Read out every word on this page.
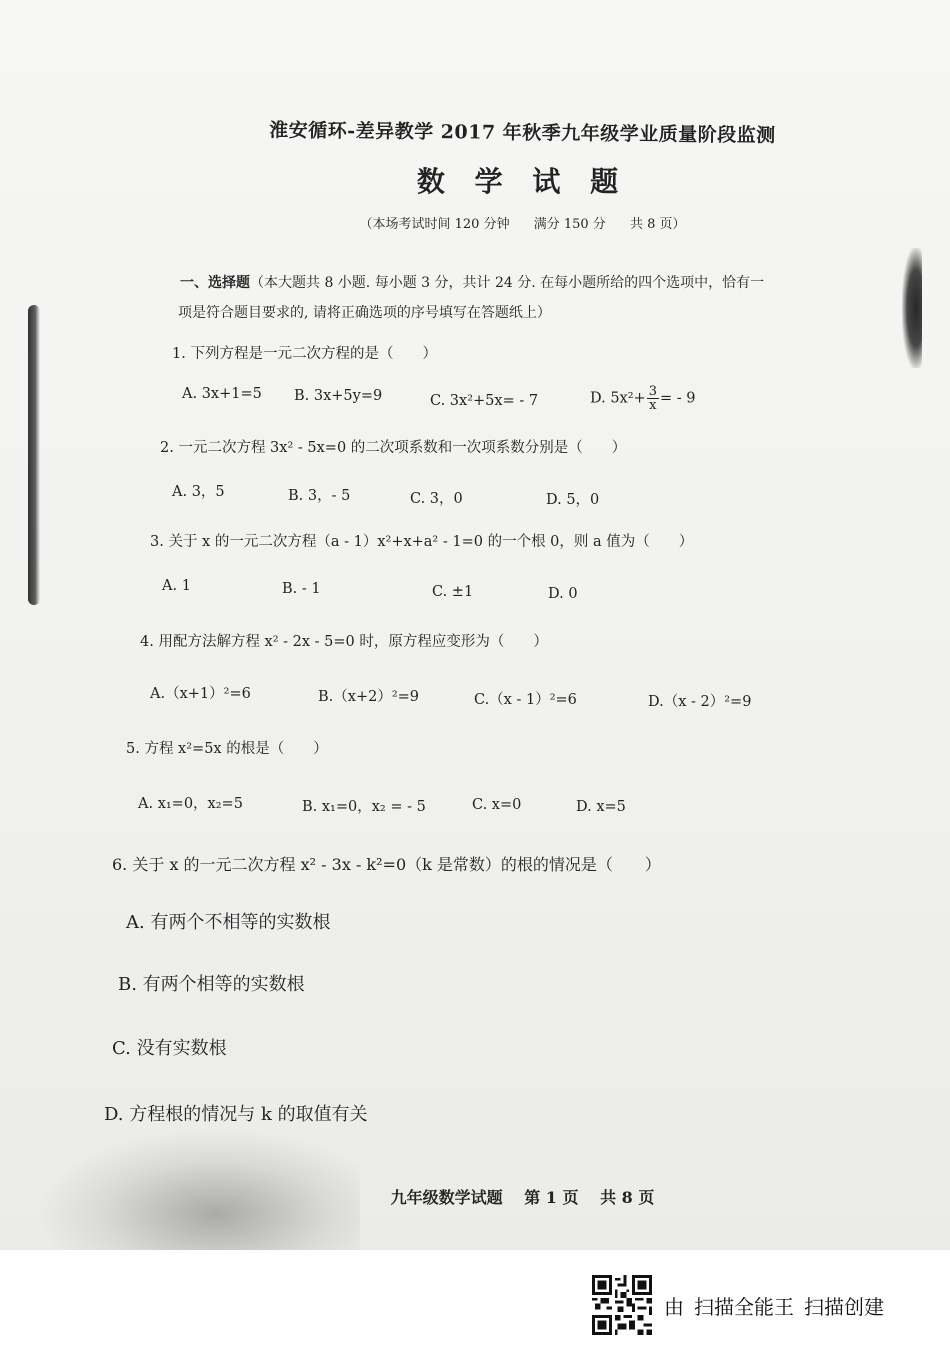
淮安循环-差异教学 2017 年秋季九年级学业质量阶段监测
数 学 试 题
（本场考试时间 120 分钟 满分 150 分 共 8 页）
一、选择题（本大题共 8 小题. 每小题 3 分，共计 24 分. 在每小题所给的四个选项中，恰有一
项是符合题目要求的, 请将正确选项的序号填写在答题纸上）
1. 下列方程是一元二次方程的是（　　）
A. 3x+1=5 B. 3x+5y=9	C. 3x²+5x= - 7	D. $5x^2+ \frac{3}{x}$ = - 9
2. 一元二次方程 3x² - 5x=0 的二次项系数和一次项系数分别是（　　）
A. 3，5	B. 3，- 5	C. 3，0	D. 5，0
3. 关于 x 的一元二次方程（a - 1）x²+x+a² - 1=0 的一个根 0，则 a 值为（　　）
A. 1	B. - 1	C. ±1	D. 0
4. 用配方法解方程 x² - 2x - 5=0 时，原方程应变形为（　　）
A.（x+1）²=6	B.（x+2）²=9	C.（x - 1）²=6	D.（x - 2）²=9
5. 方程 x²=5x 的根是（　　）
A. x₁=0，x₂=5	B. x₁=0，x₂ = - 5	C. x=0	D. x=5
6. 关于 x 的一元二次方程 x² - 3x - k²=0（k 是常数）的根的情况是（　　）
A. 有两个不相等的实数根
B. 有两个相等的实数根
C. 没有实数根
D. 方程根的情况与 k 的取值有关
九年级数学试题 第 1 页 共 8 页
由 扫描全能王 扫描创建
